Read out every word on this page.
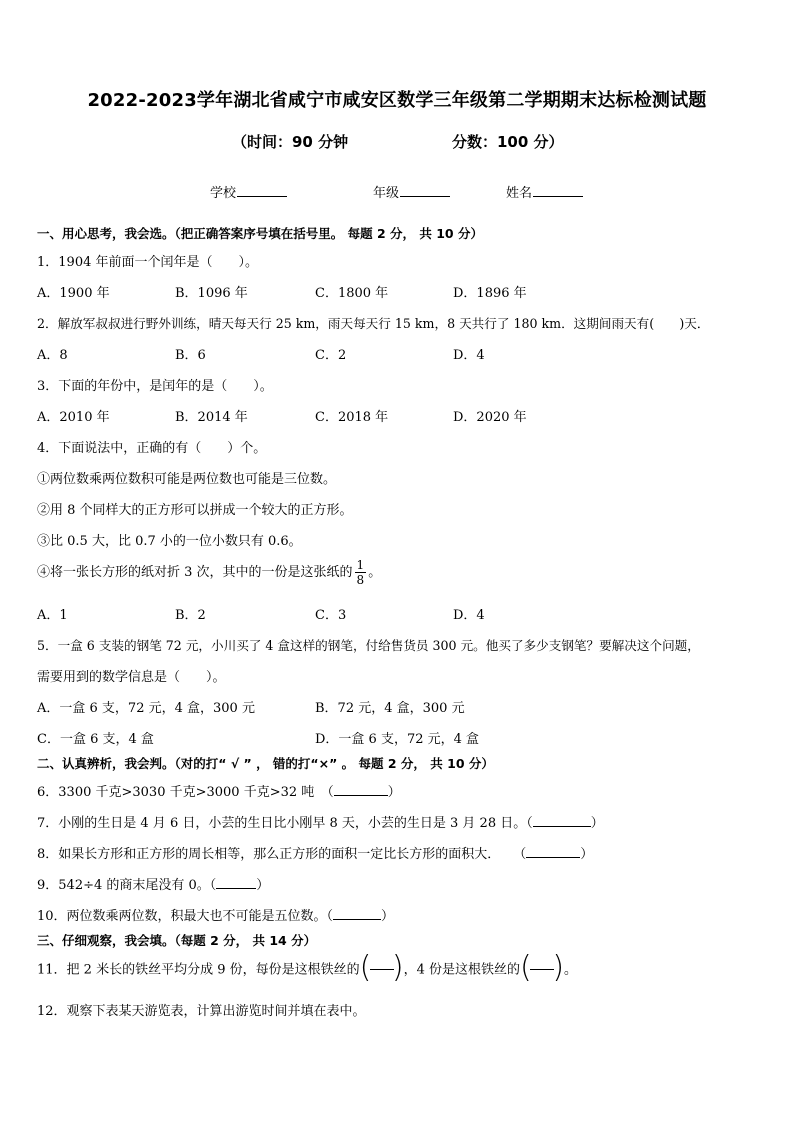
2022-2023学年湖北省咸宁市咸安区数学三年级第二学期期末达标检测试题
（时间：90 分钟	分数：100 分）
学校	年级	姓名
一、用心思考，我会选。（把正确答案序号填在括号里。 每题 2 分， 共 10 分）
1．1904 年前面一个闰年是（　　）。
A．1900 年	B．1096 年	C．1800 年	D．1896 年
2．解放军叔叔进行野外训练，晴天每天行 25 km，雨天每天行 15 km，8 天共行了 180 km．这期间雨天有(　　)天．
A．8	B．6	C．2	D．4
3．下面的年份中，是闰年的是（　　）。
A．2010 年	B．2014 年	C．2018 年	D．2020 年
4．下面说法中，正确的有（　　）个。
①两位数乘两位数积可能是两位数也可能是三位数。
②用 8 个同样大的正方形可以拼成一个较大的正方形。
③比 0.5 大，比 0.7 小的一位小数只有 0.6。
④将一张长方形的纸对折 3 次，其中的一份是这张纸的 $\frac{1}{8}$ 。
A．1	B．2	C．3	D．4
5．一盒 6 支装的钢笔 72 元，小川买了 4 盒这样的钢笔，付给售货员 300 元。他买了多少支钢笔？要解决这个问题，
需要用到的数学信息是（　　）。
A．一盒 6 支，72 元，4 盒，300 元	B．72 元，4 盒，300 元
C．一盒 6 支，4 盒	D．一盒 6 支，72 元，4 盒
二、认真辨析，我会判。（对的打“ √ ” ， 错的打“×” 。 每题 2 分， 共 10 分）
6．3300 千克>3030 千克>3000 千克>32 吨　（	）
7．小刚的生日是 4 月 6 日，小芸的生日比小刚早 8 天，小芸的生日是 3 月 28 日。（	）
8．如果长方形和正方形的周长相等，那么正方形的面积一定比长方形的面积大．　　（	）
9．542÷4 的商末尾没有 0。（	）
10．两位数乘两位数，积最大也不可能是五位数。（	）
三、仔细观察，我会填。（每题 2 分， 共 14 分）
11．把 2 米长的铁丝平均分成 9 份，每份是这根铁丝的 ( ) ，4 份是这根铁丝的 ( ) 。
12．观察下表某天游览表，计算出游览时间并填在表中。
